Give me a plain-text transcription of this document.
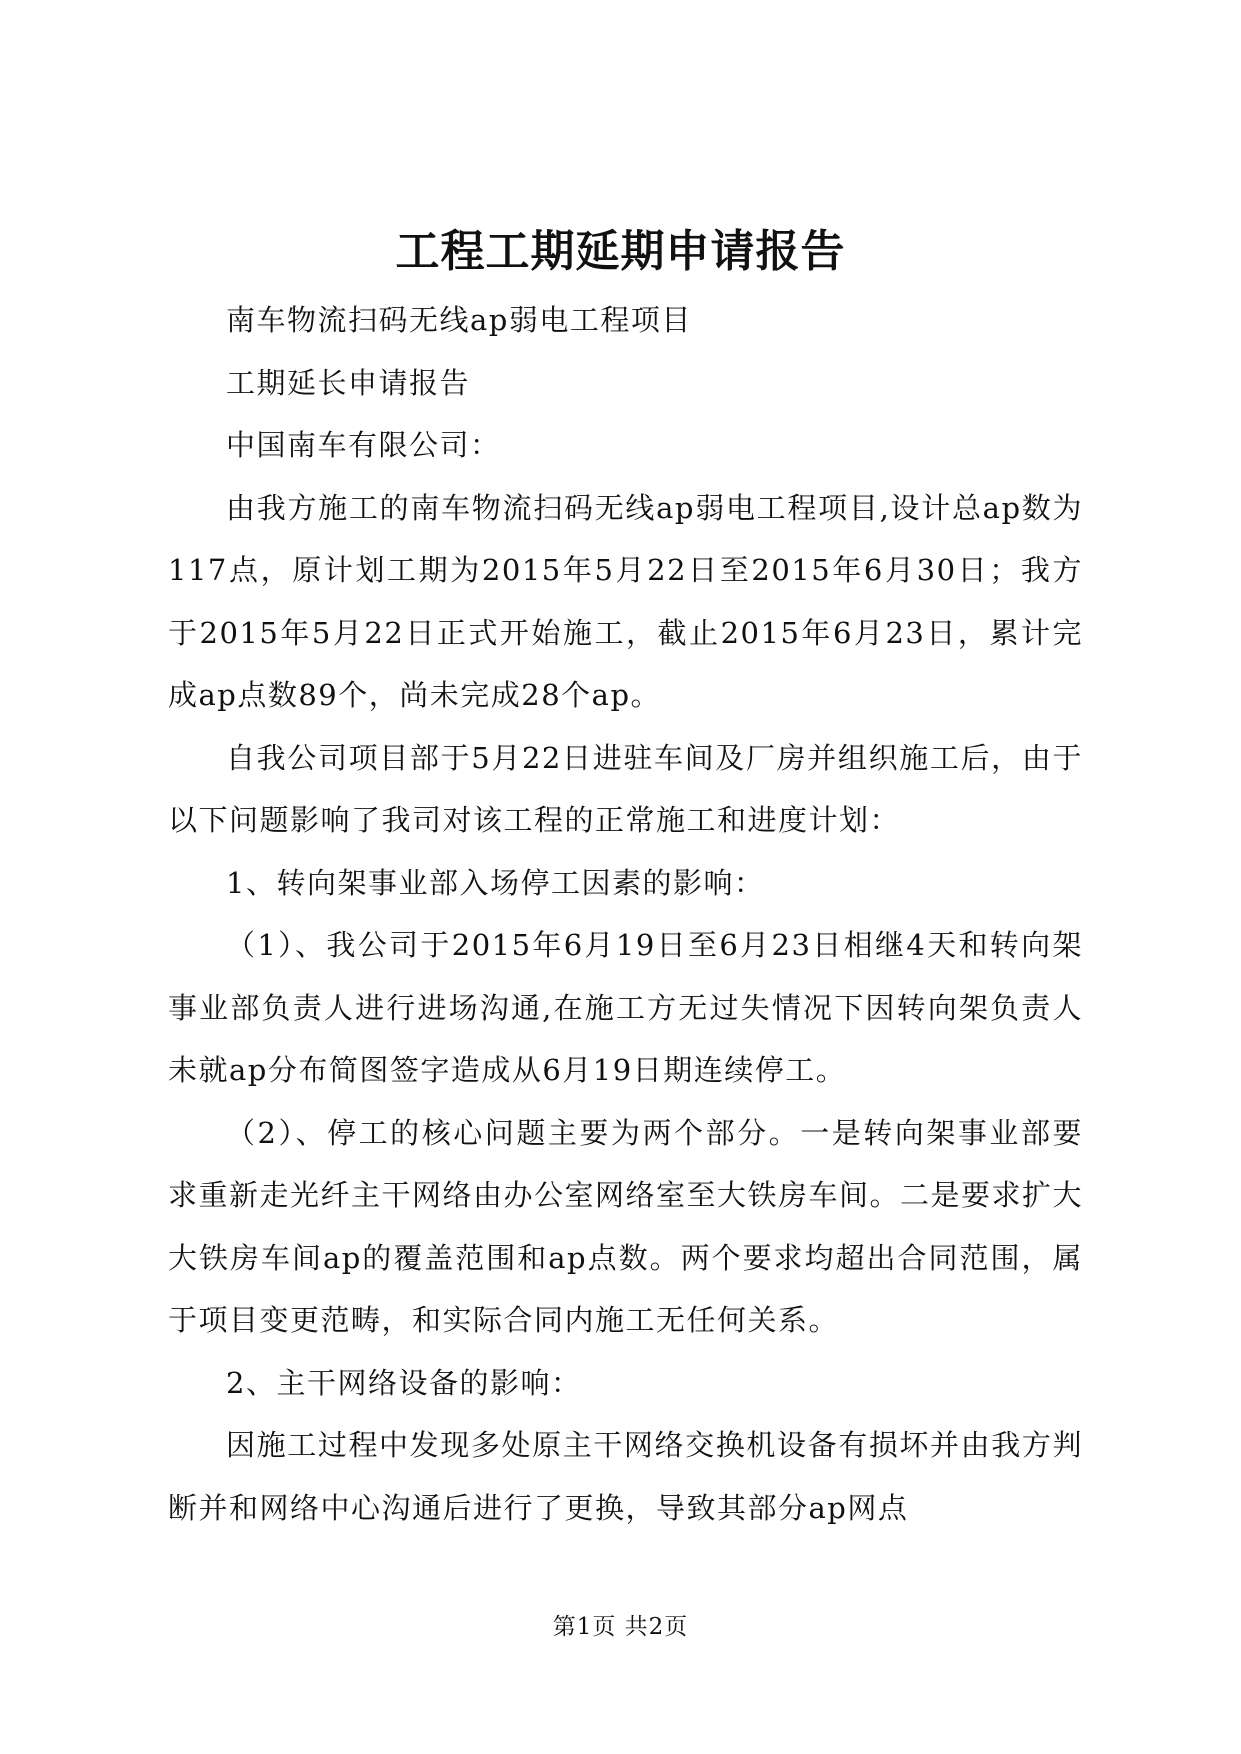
工程工期延期申请报告

南车物流扫码无线ap弱电工程项目

工期延长申请报告

中国南车有限公司：

由我方施工的南车物流扫码无线ap弱电工程项目,设计总ap数为117点，原计划工期为2015年5月22日至2015年6月30日；我方于2015年5月22日正式开始施工，截止2015年6月23日，累计完成ap点数89个，尚未完成28个ap。

自我公司项目部于5月22日进驻车间及厂房并组织施工后，由于以下问题影响了我司对该工程的正常施工和进度计划：

1、转向架事业部入场停工因素的影响：

（1）、我公司于2015年6月19日至6月23日相继4天和转向架事业部负责人进行进场沟通,在施工方无过失情况下因转向架负责人未就ap分布简图签字造成从6月19日期连续停工。

（2）、停工的核心问题主要为两个部分。一是转向架事业部要求重新走光纤主干网络由办公室网络室至大铁房车间。二是要求扩大大铁房车间ap的覆盖范围和ap点数。两个要求均超出合同范围，属于项目变更范畴，和实际合同内施工无任何关系。

2、主干网络设备的影响：

因施工过程中发现多处原主干网络交换机设备有损坏并由我方判断并和网络中心沟通后进行了更换，导致其部分ap网点

第1页 共2页
